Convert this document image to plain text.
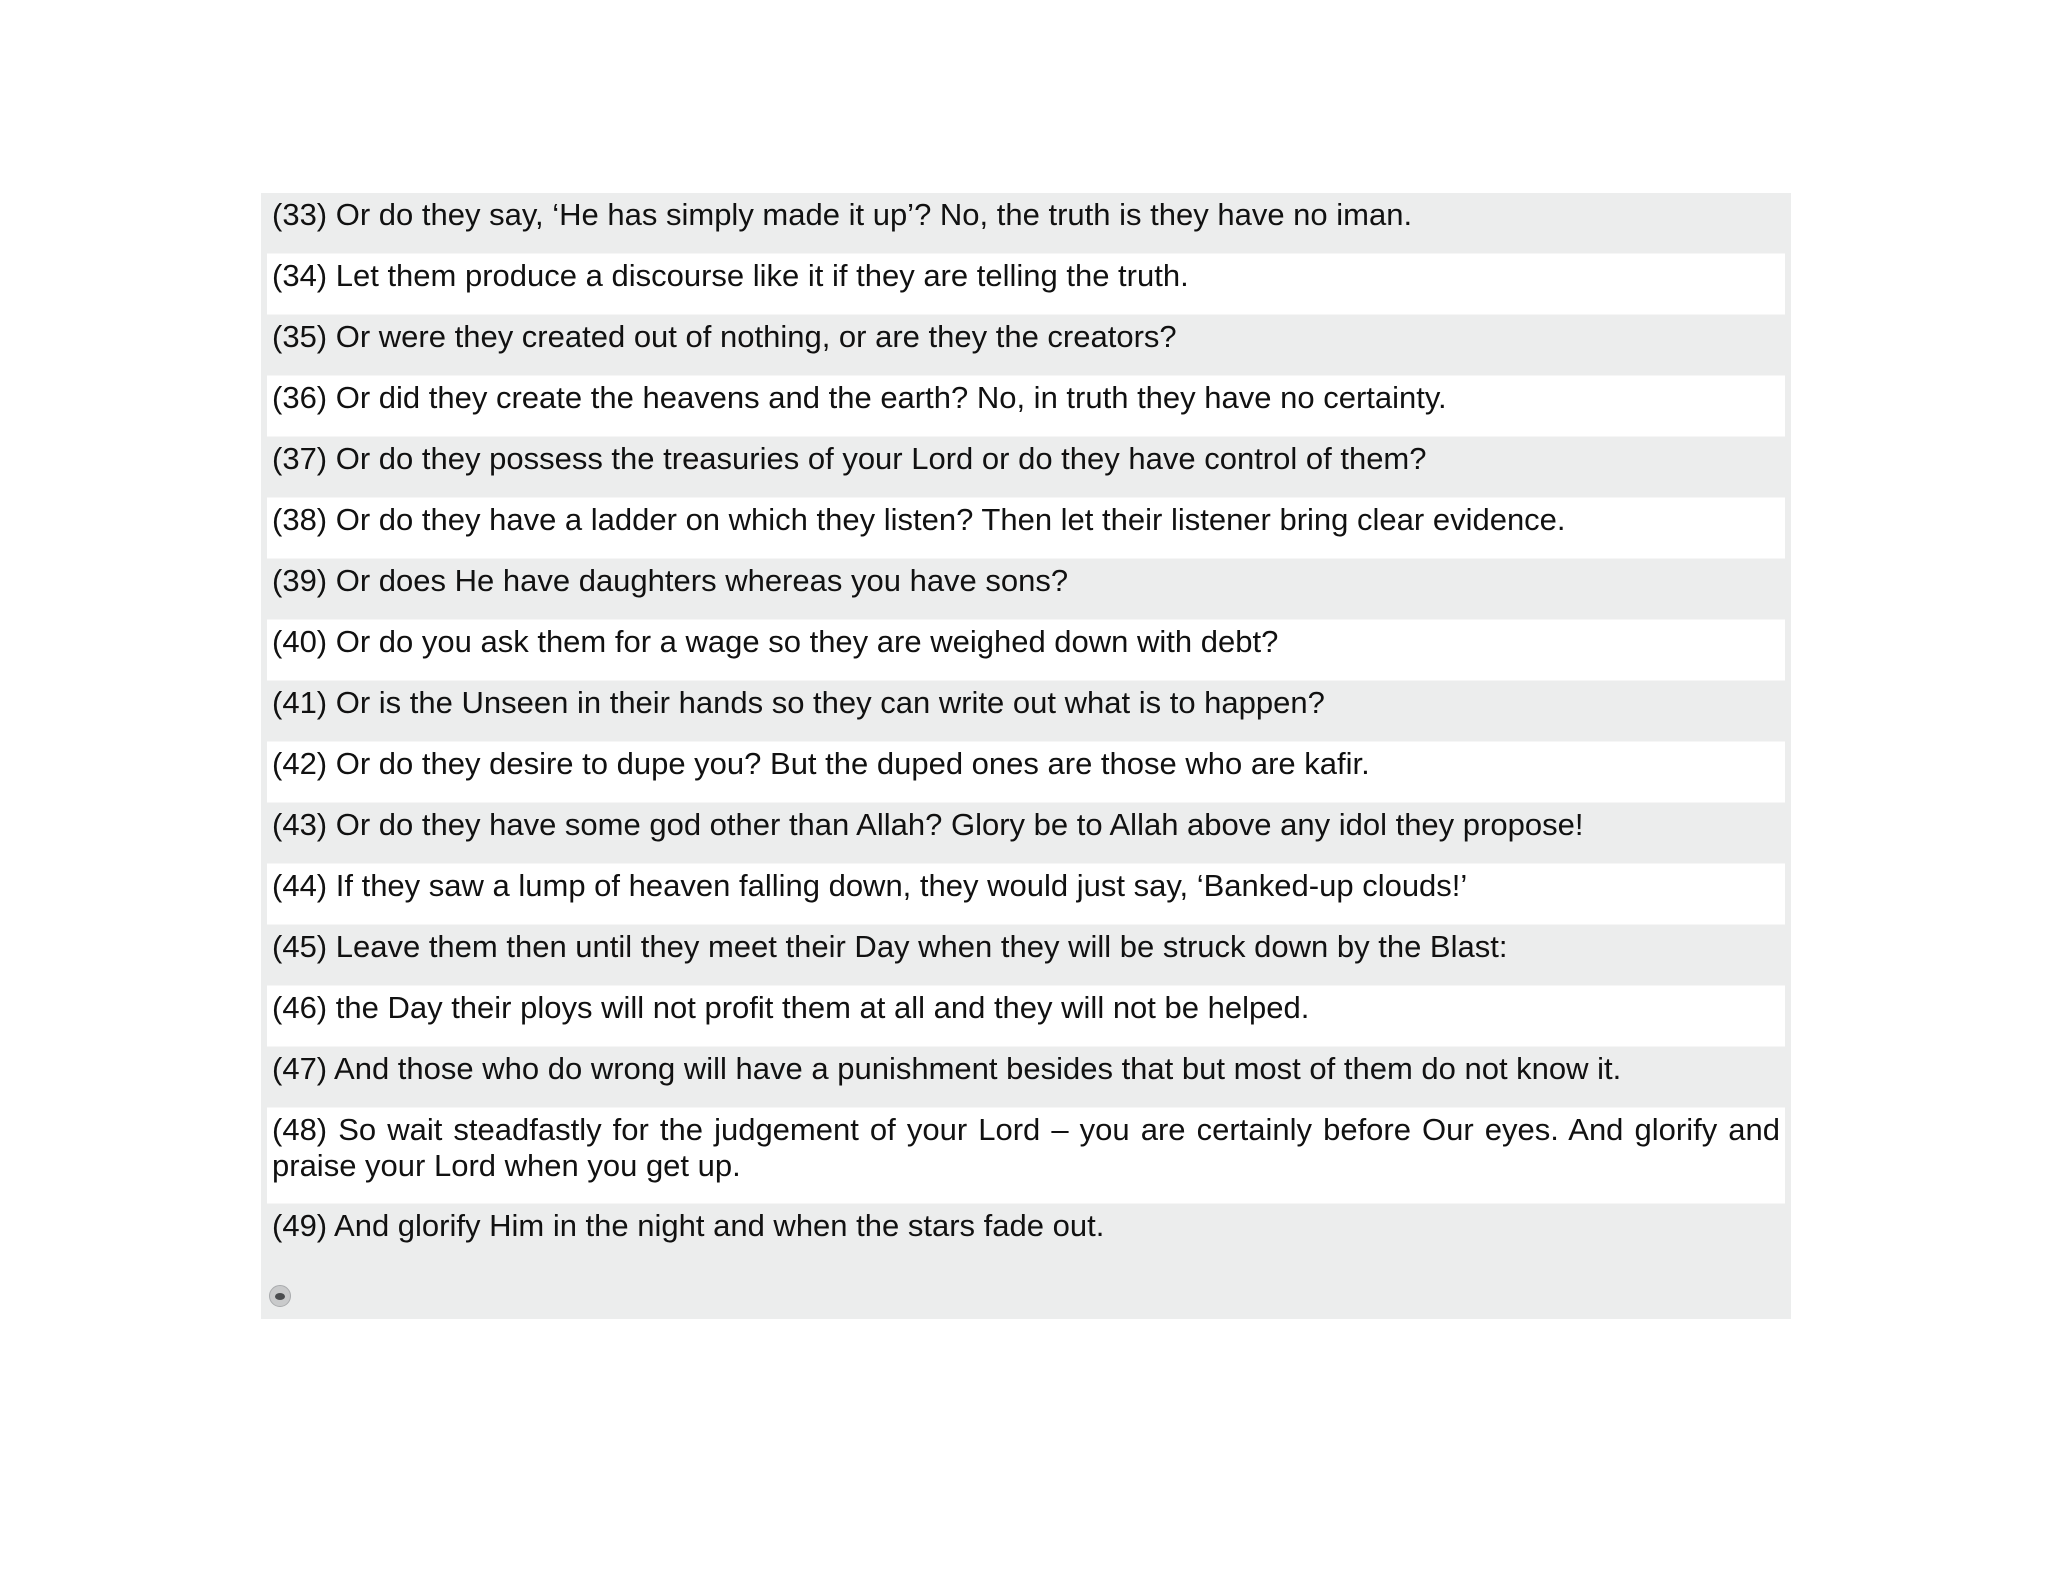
(33) Or do they say, ‘He has simply made it up’? No, the truth is they have no iman.
(34) Let them produce a discourse like it if they are telling the truth.
(35) Or were they created out of nothing, or are they the creators?
(36) Or did they create the heavens and the earth? No, in truth they have no certainty.
(37) Or do they possess the treasuries of your Lord or do they have control of them?
(38) Or do they have a ladder on which they listen? Then let their listener bring clear evidence.
(39) Or does He have daughters whereas you have sons?
(40) Or do you ask them for a wage so they are weighed down with debt?
(41) Or is the Unseen in their hands so they can write out what is to happen?
(42) Or do they desire to dupe you? But the duped ones are those who are kafir.
(43) Or do they have some god other than Allah? Glory be to Allah above any idol they propose!
(44) If they saw a lump of heaven falling down, they would just say, ‘Banked-up clouds!’
(45) Leave them then until they meet their Day when they will be struck down by the Blast:
(46) the Day their ploys will not profit them at all and they will not be helped.
(47) And those who do wrong will have a punishment besides that but most of them do not know it.
(48) So wait steadfastly for the judgement of your Lord – you are certainly before Our eyes. And glorify and praise your Lord when you get up.
(49) And glorify Him in the night and when the stars fade out.
